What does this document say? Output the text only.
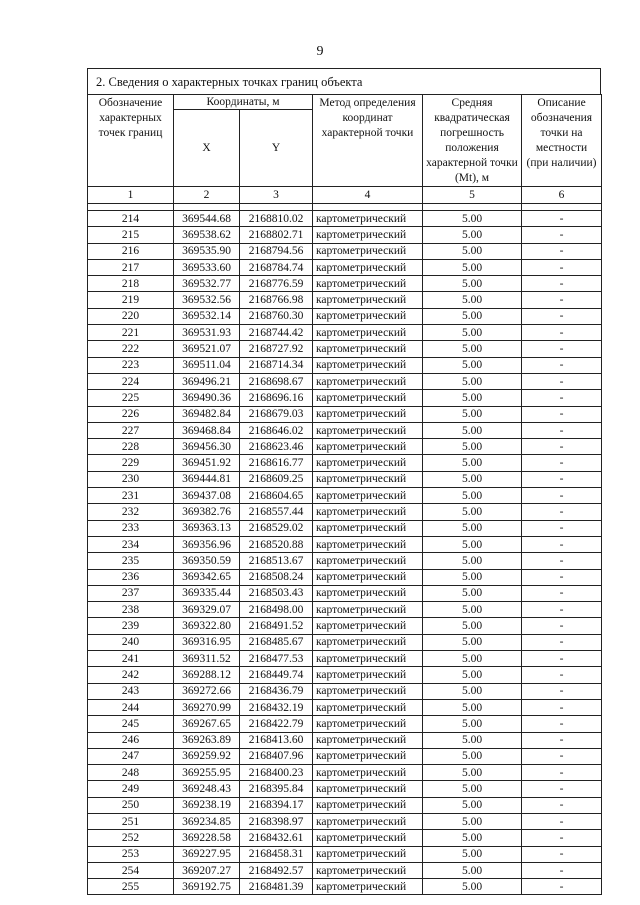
9
2. Сведения о характерных точках границ объекта
Обозначение характерных точек границ	Координаты, м		Метод определения координат характерной точки	Средняя квадратическая погрешность положения характерной точки (Mt), м	Описание обозначения точки на местности (при наличии)
	X	Y			
1	2	3	4	5	6

214	369544.68	2168810.02	картометрический	5.00	-
215	369538.62	2168802.71	картометрический	5.00	-
216	369535.90	2168794.56	картометрический	5.00	-
217	369533.60	2168784.74	картометрический	5.00	-
218	369532.77	2168776.59	картометрический	5.00	-
219	369532.56	2168766.98	картометрический	5.00	-
220	369532.14	2168760.30	картометрический	5.00	-
221	369531.93	2168744.42	картометрический	5.00	-
222	369521.07	2168727.92	картометрический	5.00	-
223	369511.04	2168714.34	картометрический	5.00	-
224	369496.21	2168698.67	картометрический	5.00	-
225	369490.36	2168696.16	картометрический	5.00	-
226	369482.84	2168679.03	картометрический	5.00	-
227	369468.84	2168646.02	картометрический	5.00	-
228	369456.30	2168623.46	картометрический	5.00	-
229	369451.92	2168616.77	картометрический	5.00	-
230	369444.81	2168609.25	картометрический	5.00	-
231	369437.08	2168604.65	картометрический	5.00	-
232	369382.76	2168557.44	картометрический	5.00	-
233	369363.13	2168529.02	картометрический	5.00	-
234	369356.96	2168520.88	картометрический	5.00	-
235	369350.59	2168513.67	картометрический	5.00	-
236	369342.65	2168508.24	картометрический	5.00	-
237	369335.44	2168503.43	картометрический	5.00	-
238	369329.07	2168498.00	картометрический	5.00	-
239	369322.80	2168491.52	картометрический	5.00	-
240	369316.95	2168485.67	картометрический	5.00	-
241	369311.52	2168477.53	картометрический	5.00	-
242	369288.12	2168449.74	картометрический	5.00	-
243	369272.66	2168436.79	картометрический	5.00	-
244	369270.99	2168432.19	картометрический	5.00	-
245	369267.65	2168422.79	картометрический	5.00	-
246	369263.89	2168413.60	картометрический	5.00	-
247	369259.92	2168407.96	картометрический	5.00	-
248	369255.95	2168400.23	картометрический	5.00	-
249	369248.43	2168395.84	картометрический	5.00	-
250	369238.19	2168394.17	картометрический	5.00	-
251	369234.85	2168398.97	картометрический	5.00	-
252	369228.58	2168432.61	картометрический	5.00	-
253	369227.95	2168458.31	картометрический	5.00	-
254	369207.27	2168492.57	картометрический	5.00	-
255	369192.75	2168481.39	картометрический	5.00	-
